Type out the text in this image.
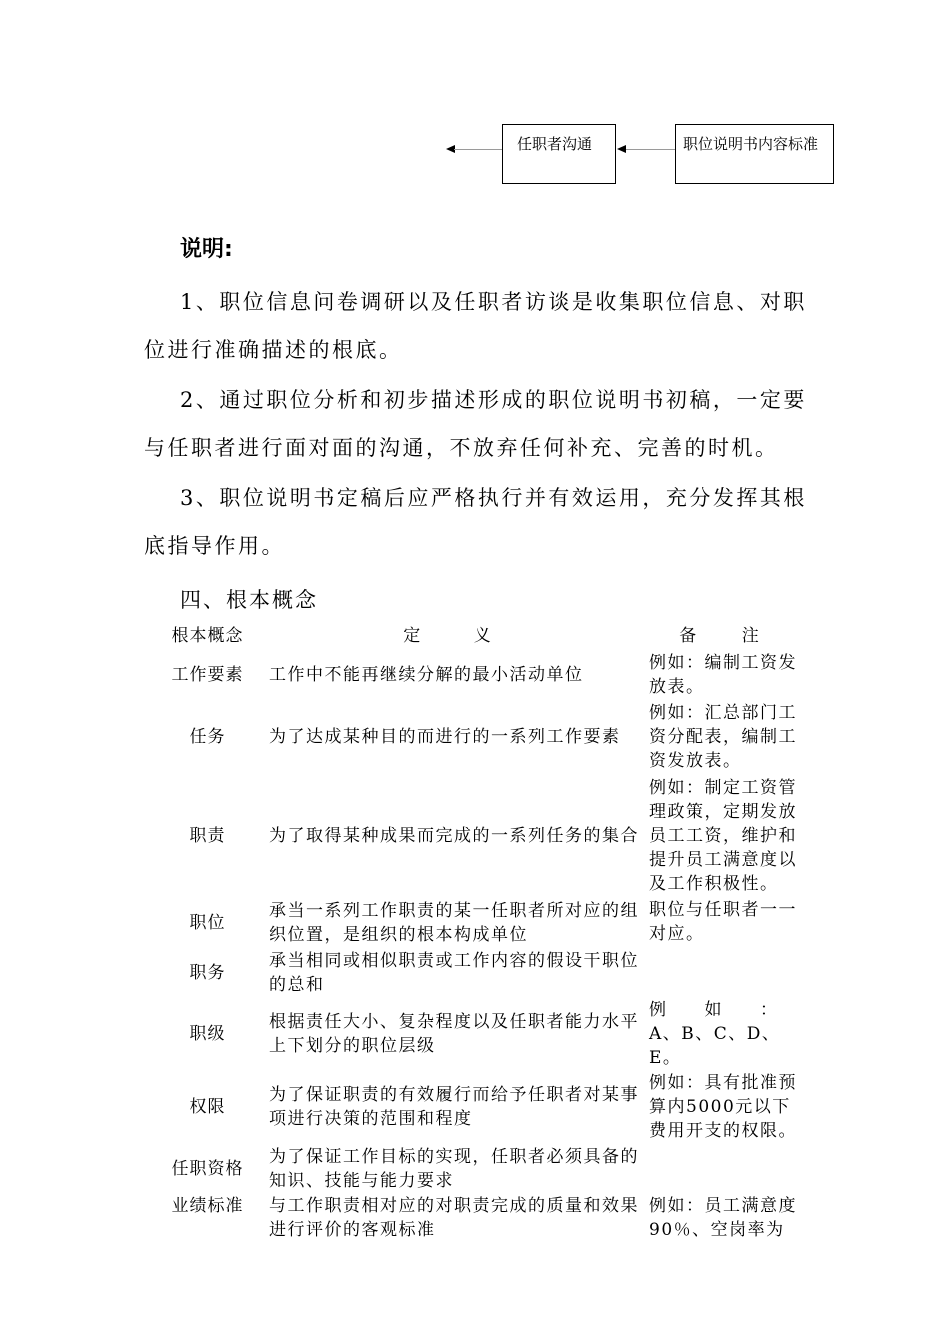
任职者沟通	职位说明书内容标准
说明:

1、职位信息问卷调研以及任职者访谈是收集职位信息、对职位进行准确描述的根底。

2、通过职位分析和初步描述形成的职位说明书初稿，一定要与任职者进行面对面的沟通，不放弃任何补充、完善的时机。

3、职位说明书定稿后应严格执行并有效运用，充分发挥其根底指导作用。

四、根本概念
根本概念	定 义	备 注
工作要素	工作中不能再继续分解的最小活动单位	例如：编制工资发放表。
任务	为了达成某种目的而进行的一系列工作要素	例如：汇总部门工资分配表，编制工资发放表。
职责	为了取得某种成果而完成的一系列任务的集合	例如：制定工资管理政策，定期发放员工工资，维护和提升员工满意度以及工作积极性。
职位	承当一系列工作职责的某一任职者所对应的组织位置，是组织的根本构成单位	职位与任职者一一对应。
职务	承当相同或相似职责或工作内容的假设干职位的总和	
职级	根据责任大小、复杂程度以及任职者能力水平上下划分的职位层级	例　　如　　：A、B、C、D、E。
权限	为了保证职责的有效履行而给予任职者对某事项进行决策的范围和程度	例如：具有批准预算内5000元以下费用开支的权限。
任职资格	为了保证工作目标的实现，任职者必须具备的知识、技能与能力要求	
业绩标准	与工作职责相对应的对职责完成的质量和效果进行评价的客观标准	例如：员工满意度90％、空岗率为
